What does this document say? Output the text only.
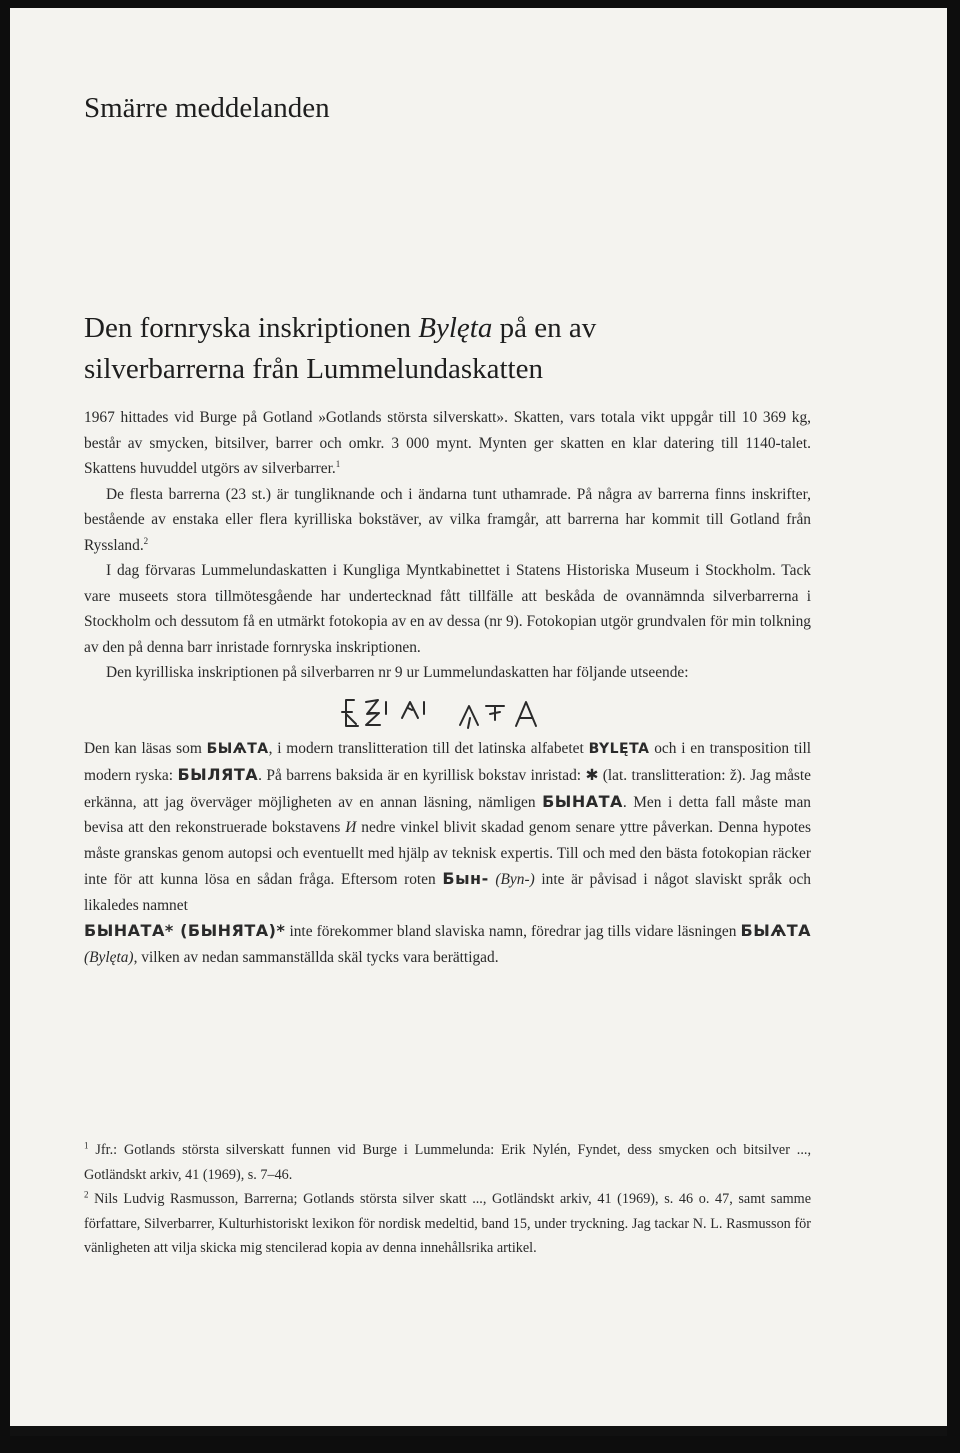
Smärre meddelanden
Den fornryska inskriptionen Bylęta på en av
silverbarrerna från Lummelundaskatten

1967 hittades vid Burge på Gotland »Gotlands största silverskatt». Skatten, vars totala vikt uppgår till 10 369 kg, består av smycken, bitsilver, barrer och omkr. 3 000 mynt. Mynten ger skatten en klar datering till 1140-talet. Skattens huvuddel utgörs av silverbarrer.$^1$

De flesta barrerna (23 st.) är tungliknande och i ändarna tunt uthamrade. På några av barrerna finns inskrifter, bestående av enstaka eller flera kyrilliska bokstäver, av vilka framgår, att barrerna har kommit till Gotland från Ryssland.$^2$

I dag förvaras Lummelundaskatten i Kungliga Myntkabinettet i Statens Historiska Museum i Stockholm. Tack vare museets stora tillmötesgående har undertecknad fått tillfälle att beskåda de ovannämnda silverbarrerna i Stockholm och dessutom få en utmärkt fotokopia av en av dessa (nr 9). Fotokopian utgör grundvalen för min tolkning av den på denna barr inristade fornryska inskriptionen.

Den kyrilliska inskriptionen på silverbarren nr 9 ur Lummelundaskatten har följande utseende:

Den kan läsas som БЫѦТА, i modern translitteration till det latinska alfabetet BYLĘTA och i en transposition till modern ryska: БЫЛЯТА. På barrens baksida är en kyrillisk bokstav inristad: ✱ (lat. translitteration: ž). Jag måste erkänna, att jag överväger möjligheten av en annan läsning, nämligen БЫНАТА. Men i detta fall måste man bevisa att den rekonstruerade bokstavens И nedre vinkel blivit skadad genom senare yttre påverkan. Denna hypotes måste granskas genom autopsi och eventuellt med hjälp av teknisk expertis. Till och med den bästa fotokopian räcker inte för att kunna lösa en sådan fråga. Eftersom roten Бын- (Byn-) inte är påvisad i något slaviskt språk och likaledes namnet
БЫНАТА* (БЫНЯТА)* inte förekommer bland slaviska namn, föredrar jag tills vidare läsningen БЫѦТА (Bylęta), vilken av nedan sammanställda skäl tycks vara berättigad.

$^1$ Jfr.: Gotlands största silverskatt funnen vid Burge i Lummelunda: Erik Nylén, Fyndet, dess smycken och bitsilver ..., Gotländskt arkiv, 41 (1969), s. 7–46.

$^2$ Nils Ludvig Rasmusson, Barrerna; Gotlands största silver skatt ..., Gotländskt arkiv, 41 (1969), s. 46 o. 47, samt samme författare, Silverbarrer, Kulturhistoriskt lexikon för nordisk medeltid, band 15, under tryckning. Jag tackar N. L. Rasmusson för vänligheten att vilja skicka mig stencilerad kopia av denna innehållsrika artikel.
